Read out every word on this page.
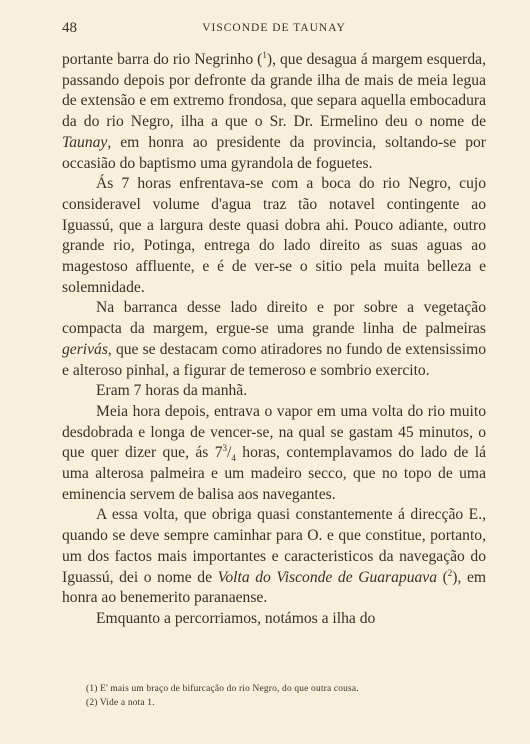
48	VISCONDE DE TAUNAY

portante barra do rio Negrinho ($^1$), que desagua á margem esquerda, passando depois por defronte da grande ilha de mais de meia legua de extensão e em extremo frondosa, que separa aquella embocadura da do rio Negro, ilha a que o Sr. Dr. Ermelino deu o nome de Taunay, em honra ao presidente da provincia, soltando-se por occasião do baptismo uma gyrandola de foguetes.

Ás 7 horas enfrentava-se com a boca do rio Negro, cujo consideravel volume d'agua traz tão notavel contingente ao Iguassú, que a largura deste quasi dobra ahi. Pouco adiante, outro grande rio, Potinga, entrega do lado direito as suas aguas ao magestoso affluente, e é de ver-se o sitio pela muita belleza e solemnidade.

Na barranca desse lado direito e por sobre a vegetação compacta da margem, ergue-se uma grande linha de palmeiras gerivás, que se destacam como atiradores no fundo de extensissimo e alteroso pinhal, a figurar de temeroso e sombrio exercito.

Eram 7 horas da manhã.

Meia hora depois, entrava o vapor em uma volta do rio muito desdobrada e longa de vencer-se, na qual se gastam 45 minutos, o que quer dizer que, ás $7^3/_4$ horas, contemplavamos do lado de lá uma alterosa palmeira e um madeiro secco, que no topo de uma eminencia servem de balisa aos navegantes.

A essa volta, que obriga quasi constantemente á direcção E., quando se deve sempre caminhar para O. e que constitue, portanto, um dos factos mais importantes e caracteristicos da navegação do Iguassú, dei o nome de Volta do Visconde de Guarapuava ($^2$), em honra ao benemerito paranaense.

Emquanto a percorriamos, notámos a ilha do

(1) E' mais um braço de bifurcação do rio Negro, do que outra cousa.
(2) Vide a nota 1.
